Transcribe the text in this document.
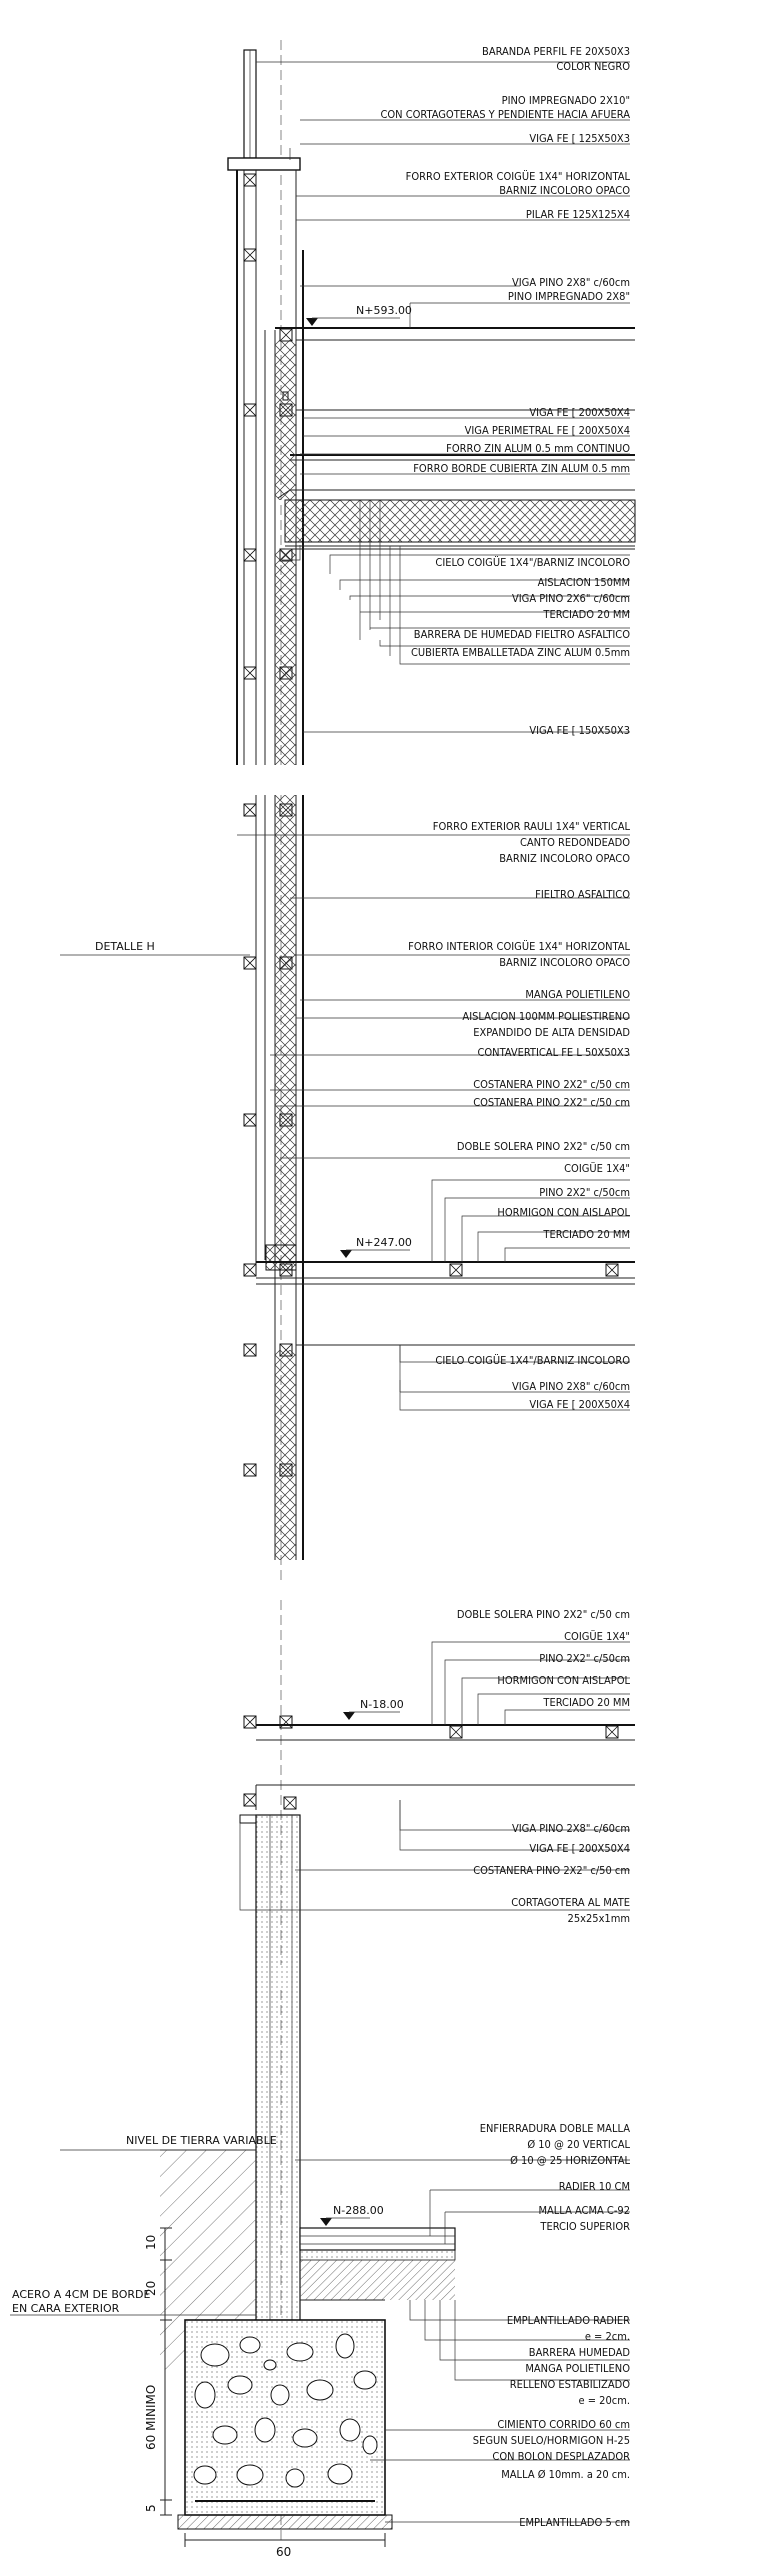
BARANDA PERFIL FE 20X50X3
COLOR NEGRO
PINO IMPREGNADO 2X10"
CON CORTAGOTERAS Y PENDIENTE HACIA AFUERA
VIGA FE [ 125X50X3
FORRO EXTERIOR COIGÜE 1X4" HORIZONTAL
BARNIZ INCOLORO OPACO
PILAR FE 125X125X4
VIGA PINO 2X8" c/60cm
PINO IMPREGNADO 2X8"
VIGA FE [ 200X50X4
VIGA PERIMETRAL FE [ 200X50X4
FORRO ZIN ALUM 0.5 mm CONTINUO
FORRO BORDE CUBIERTA ZIN ALUM 0.5 mm
CIELO COIGÜE 1X4"/BARNIZ INCOLORO
AISLACION 150MM
VIGA PINO 2X6" c/60cm
TERCIADO 20 MM
BARRERA DE HUMEDAD FIELTRO ASFALTICO
CUBIERTA EMBALLETADA ZINC ALUM 0.5mm
VIGA FE [ 150X50X3
FORRO EXTERIOR RAULI 1X4" VERTICAL
CANTO REDONDEADO
BARNIZ INCOLORO OPACO
FIELTRO ASFALTICO
FORRO INTERIOR COIGÜE 1X4" HORIZONTAL
BARNIZ INCOLORO OPACO
MANGA POLIETILENO
AISLACION 100MM POLIESTIRENO
EXPANDIDO DE ALTA DENSIDAD
CONTAVERTICAL FE L 50X50X3
COSTANERA PINO 2X2" c/50 cm
COSTANERA PINO 2X2" c/50 cm
DOBLE SOLERA PINO 2X2" c/50 cm
COIGÜE 1X4"
PINO 2X2" c/50cm
HORMIGON CON AISLAPOL
TERCIADO 20 MM
CIELO COIGÜE 1X4"/BARNIZ INCOLORO
VIGA PINO 2X8" c/60cm
VIGA FE [ 200X50X4
DOBLE SOLERA PINO 2X2" c/50 cm
COIGÜE 1X4"
PINO 2X2" c/50cm
HORMIGON CON AISLAPOL
TERCIADO 20 MM
VIGA PINO 2X8" c/60cm
VIGA FE [ 200X50X4
COSTANERA PINO 2X2" c/50 cm
CORTAGOTERA AL MATE
25x25x1mm
ENFIERRADURA DOBLE MALLA
Ø 10 @ 20 VERTICAL
Ø 10 @ 25 HORIZONTAL
RADIER 10 CM
MALLA ACMA C-92
TERCIO SUPERIOR
EMPLANTILLADO RADIER
e = 2cm.
BARRERA HUMEDAD
MANGA POLIETILENO
RELLENO ESTABILIZADO
e = 20cm.
CIMIENTO CORRIDO 60 cm
SEGUN SUELO/HORMIGON H-25
CON BOLON DESPLAZADOR
MALLA Ø 10mm. a 20 cm.
EMPLANTILLADO 5 cm
DETALLE H
NIVEL DE TIERRA VARIABLE
ACERO A 4CM DE BORDE
EN CARA EXTERIOR
N+593.00
N+247.00
N-18.00
N-288.00
10
20
60 MINIMO
5
60
